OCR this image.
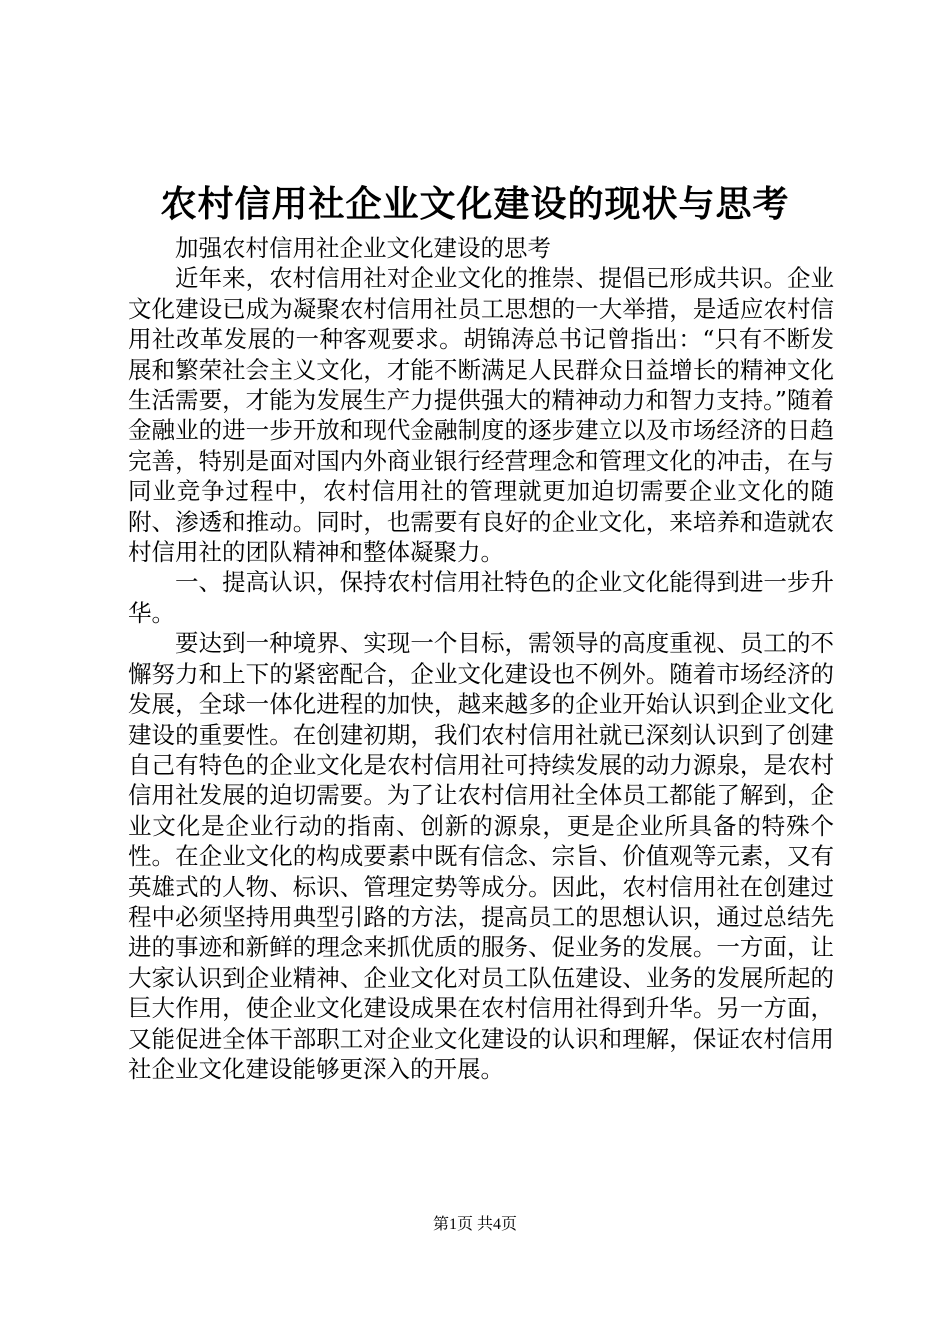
农村信用社企业文化建设的现状与思考

加强农村信用社企业文化建设的思考

近年来，农村信用社对企业文化的推崇、提倡已形成共识。企业文化建设已成为凝聚农村信用社员工思想的一大举措，是适应农村信用社改革发展的一种客观要求。胡锦涛总书记曾指出：“只有不断发展和繁荣社会主义文化，才能不断满足人民群众日益增长的精神文化生活需要，才能为发展生产力提供强大的精神动力和智力支持。”随着金融业的进一步开放和现代金融制度的逐步建立以及市场经济的日趋完善，特别是面对国内外商业银行经营理念和管理文化的冲击，在与同业竞争过程中，农村信用社的管理就更加迫切需要企业文化的随附、渗透和推动。同时，也需要有良好的企业文化，来培养和造就农村信用社的团队精神和整体凝聚力。

一、提高认识，保持农村信用社特色的企业文化能得到进一步升华。

要达到一种境界、实现一个目标，需领导的高度重视、员工的不懈努力和上下的紧密配合，企业文化建设也不例外。随着市场经济的发展，全球一体化进程的加快，越来越多的企业开始认识到企业文化建设的重要性。在创建初期，我们农村信用社就已深刻认识到了创建自己有特色的企业文化是农村信用社可持续发展的动力源泉，是农村信用社发展的迫切需要。为了让农村信用社全体员工都能了解到，企业文化是企业行动的指南、创新的源泉，更是企业所具备的特殊个性。在企业文化的构成要素中既有信念、宗旨、价值观等元素，又有英雄式的人物、标识、管理定势等成分。因此，农村信用社在创建过程中必须坚持用典型引路的方法，提高员工的思想认识，通过总结先进的事迹和新鲜的理念来抓优质的服务、促业务的发展。一方面，让大家认识到企业精神、企业文化对员工队伍建设、业务的发展所起的巨大作用，使企业文化建设成果在农村信用社得到升华。另一方面，又能促进全体干部职工对企业文化建设的认识和理解，保证农村信用社企业文化建设能够更深入的开展。

第1页 共4页
